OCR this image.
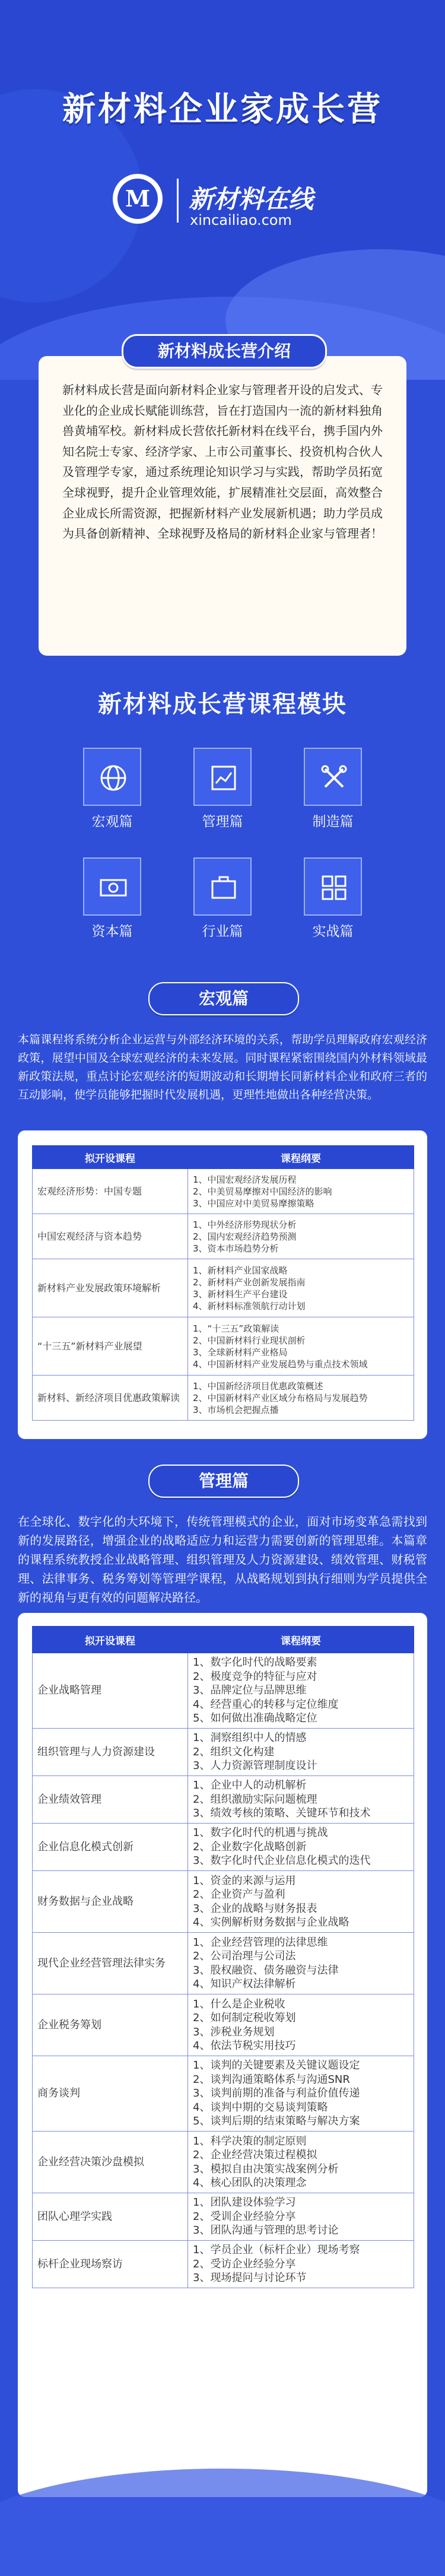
新材料企业家成长营
M	新材料在线
xincailiao.com
新材料成长营介绍
新材料成长营是面向新材料企业家与管理者开设的启发式、专业化的企业成长赋能训练营，旨在打造国内一流的新材料独角兽黄埔军校。新材料成长营依托新材料在线平台，携手国内外知名院士专家、经济学家、上市公司董事长、投资机构合伙人及管理学专家，通过系统理论知识学习与实践，帮助学员拓宽全球视野，提升企业管理效能，扩展精准社交层面，高效整合企业成长所需资源，把握新材料产业发展新机遇；助力学员成为具备创新精神、全球视野及格局的新材料企业家与管理者！
新材料成长营课程模块
宏观篇	管理篇	制造篇
资本篇	行业篇	实战篇
宏观篇
本篇课程将系统分析企业运营与外部经济环境的关系，帮助学员理解政府宏观经济政策，展望中国及全球宏观经济的未来发展。同时课程紧密围绕国内外材料领域最新政策法规，重点讨论宏观经济的短期波动和长期增长同新材料企业和政府三者的互动影响，使学员能够把握时代发展机遇，更理性地做出各种经营决策。
拟开设课程	课程纲要
宏观经济形势：中国专题	1、中国宏观经济发展历程
2、中美贸易摩擦对中国经济的影响
3、中国应对中美贸易摩擦策略

中国宏观经济与资本趋势	1、中外经济形势现状分析
2、国内宏观经济趋势预测
3、资本市场趋势分析

新材料产业发展政策环境解析	1、新材料产业国家战略
2、新材料产业创新发展指南
3、新材料生产平台建设
4、新材料标准领航行动计划

“十三五”新材料产业展望	1、“十三五”政策解读
2、中国新材料行业现状剖析
3、全球新材料产业格局
4、中国新材料产业发展趋势与重点技术领域

新材料、新经济项目优惠政策解读	1、中国新经济项目优惠政策概述
2、中国新材料产业区域分布格局与发展趋势
3、市场机会把握点播
管理篇
在全球化、数字化的大环境下，传统管理模式的企业，面对市场变革急需找到新的发展路径，增强企业的战略适应力和运营力需要创新的管理思维。本篇章的课程系统教授企业战略管理、组织管理及人力资源建设、绩效管理、财税管理、法律事务、税务筹划等管理学课程，从战略规划到执行细则为学员提供全新的视角与更有效的问题解决路径。
拟开设课程	课程纲要
企业战略管理	1、数字化时代的战略要素
2、极度竞争的特征与应对
3、品牌定位与品牌思维
4、经营重心的转移与定位维度
5、如何做出准确战略定位

组织管理与人力资源建设	1、洞察组织中人的情感
2、组织文化构建
3、人力资源管理制度设计

企业绩效管理	1、企业中人的动机解析
2、组织激励实际问题梳理
3、绩效考核的策略、关键环节和技术

企业信息化模式创新	1、数字化时代的机遇与挑战
2、企业数字化战略创新
3、数字化时代企业信息化模式的迭代

财务数据与企业战略	1、资金的来源与运用
2、企业资产与盈利
3、企业的战略与财务报表
4、实例解析财务数据与企业战略

现代企业经营管理法律实务	1、企业经营管理的法律思维
2、公司治理与公司法
3、股权融资、债务融资与法律
4、知识产权法律解析

企业税务筹划	1、什么是企业税收
2、如何制定税收筹划
3、涉税业务规划
4、依法节税实用技巧

商务谈判	1、谈判的关键要素及关键议题设定
2、谈判沟通策略体系与沟通SNR
3、谈判前期的准备与利益价值传递
4、谈判中期的交易谈判策略
5、谈判后期的结束策略与解决方案

企业经营决策沙盘模拟	1、科学决策的制定原则
2、企业经营决策过程模拟
3、模拟自由决策实战案例分析
4、核心团队的决策理念

团队心理学实践	1、团队建设体验学习
2、受训企业经验分享
3、团队沟通与管理的思考讨论

标杆企业现场察访	1、学员企业（标杆企业）现场考察
2、受访企业经验分享
3、现场提问与讨论环节
